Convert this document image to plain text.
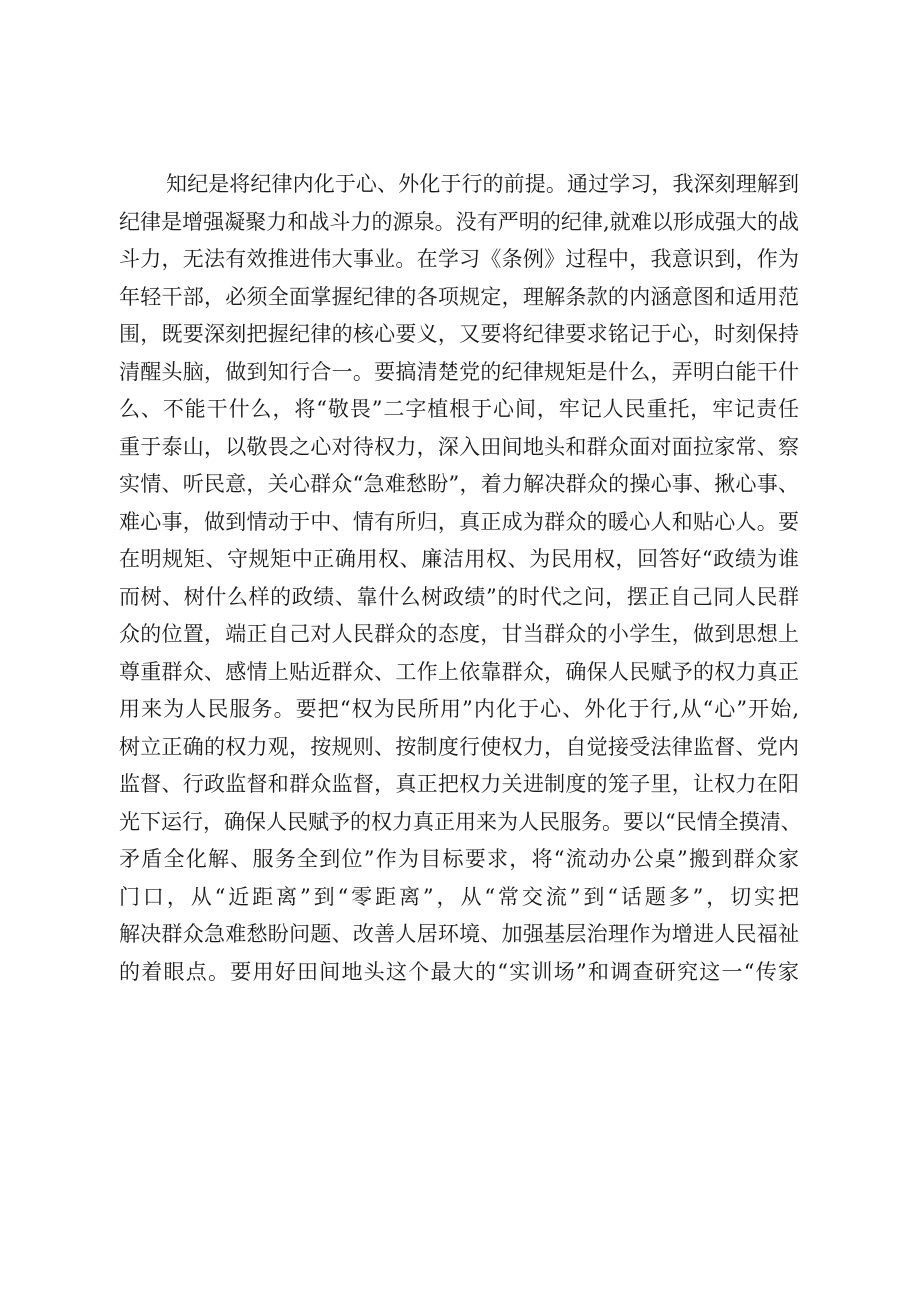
知纪是将纪律内化于心、外化于行的前提。通过学习，我深刻理解到
纪律是增强凝聚力和战斗力的源泉。没有严明的纪律,就难以形成强大的战
斗力，无法有效推进伟大事业。在学习《条例》过程中，我意识到，作为
年轻干部，必须全面掌握纪律的各项规定，理解条款的内涵意图和适用范
围，既要深刻把握纪律的核心要义，又要将纪律要求铭记于心，时刻保持
清醒头脑，做到知行合一。要搞清楚党的纪律规矩是什么，弄明白能干什
么、不能干什么，将“敬畏”二字植根于心间，牢记人民重托，牢记责任
重于泰山，以敬畏之心对待权力，深入田间地头和群众面对面拉家常、察
实情、听民意，关心群众“急难愁盼”，着力解决群众的操心事、揪心事、
难心事，做到情动于中、情有所归，真正成为群众的暖心人和贴心人。要
在明规矩、守规矩中正确用权、廉洁用权、为民用权，回答好“政绩为谁
而树、树什么样的政绩、靠什么树政绩”的时代之问，摆正自己同人民群
众的位置，端正自己对人民群众的态度，甘当群众的小学生，做到思想上
尊重群众、感情上贴近群众、工作上依靠群众，确保人民赋予的权力真正
用来为人民服务。要把“权为民所用”内化于心、外化于行,从“心”开始,
树立正确的权力观，按规则、按制度行使权力，自觉接受法律监督、党内
监督、行政监督和群众监督，真正把权力关进制度的笼子里，让权力在阳
光下运行，确保人民赋予的权力真正用来为人民服务。要以“民情全摸清、
矛盾全化解、服务全到位”作为目标要求，将“流动办公桌”搬到群众家
门口，从“近距离”到“零距离”，从“常交流”到“话题多”，切实把
解决群众急难愁盼问题、改善人居环境、加强基层治理作为增进人民福祉
的着眼点。要用好田间地头这个最大的“实训场”和调查研究这一“传家
